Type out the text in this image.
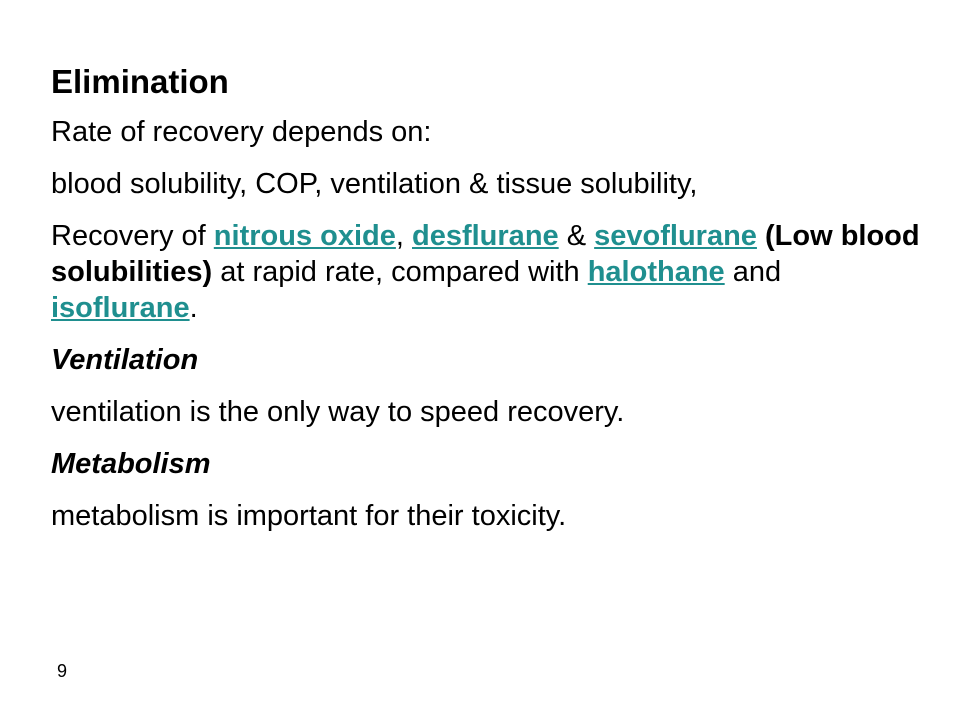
Elimination
Rate of recovery depends on:
blood solubility, COP, ventilation & tissue solubility,
Recovery of nitrous oxide, desflurane & sevoflurane (Low blood solubilities) at rapid rate, compared with halothane and isoflurane.
Ventilation
ventilation is the only way to speed recovery.
Metabolism
metabolism is important for their toxicity.
9
